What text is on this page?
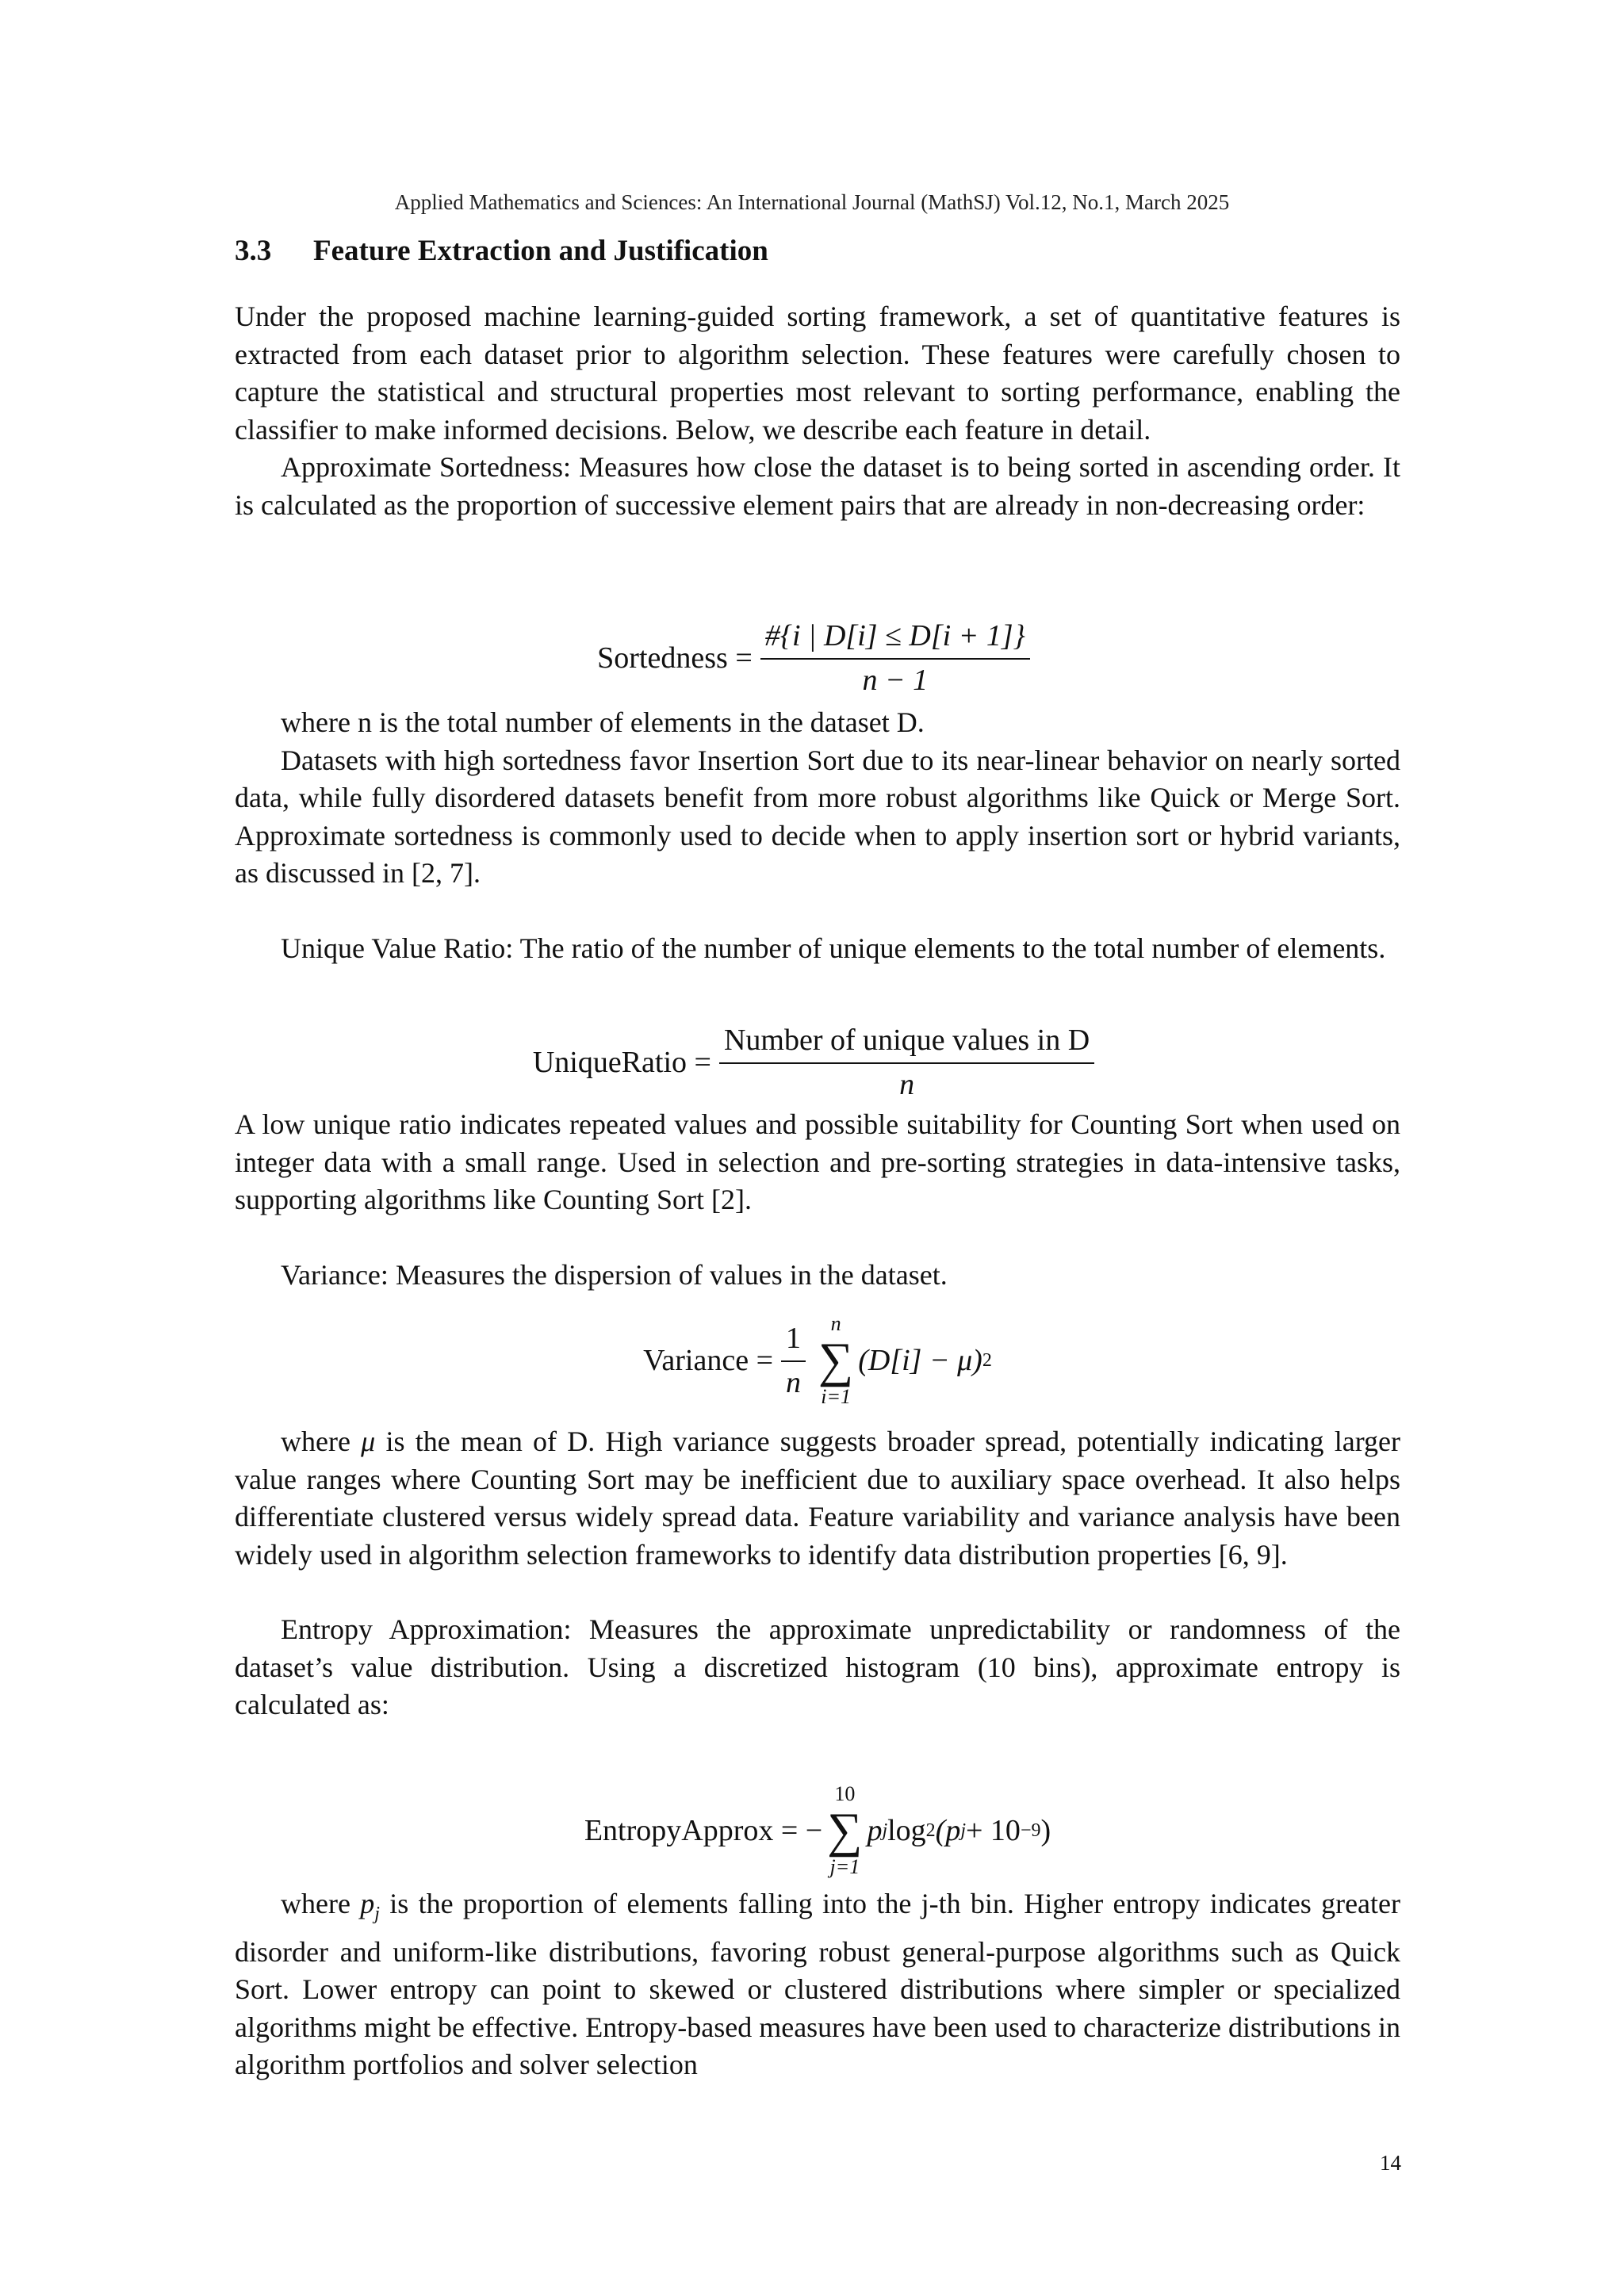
Applied Mathematics and Sciences: An International Journal (MathSJ) Vol.12, No.1, March 2025
3.3 Feature Extraction and Justification

Under the proposed machine learning-guided sorting framework, a set of quantitative features is extracted from each dataset prior to algorithm selection. These features were carefully chosen to capture the statistical and structural properties most relevant to sorting performance, enabling the classifier to make informed decisions. Below, we describe each feature in detail.

Approximate Sortedness: Measures how close the dataset is to being sorted in ascending order. It is calculated as the proportion of successive element pairs that are already in non-decreasing order:

Sortedness = $\frac{\#\{i | D[i] \le D[i + 1]\}}{n - 1}$

where n is the total number of elements in the dataset D.

Datasets with high sortedness favor Insertion Sort due to its near-linear behavior on nearly sorted data, while fully disordered datasets benefit from more robust algorithms like Quick or Merge Sort. Approximate sortedness is commonly used to decide when to apply insertion sort or hybrid variants, as discussed in [2, 7].

Unique Value Ratio: The ratio of the number of unique elements to the total number of elements.

UniqueRatio = $\frac{\text{Number of unique values in D}}{n}$

A low unique ratio indicates repeated values and possible suitability for Counting Sort when used on integer data with a small range. Used in selection and pre-sorting strategies in data-intensive tasks, supporting algorithms like Counting Sort [2].

Variance: Measures the dispersion of values in the dataset.

Variance = $\frac{1}{n}$ n
∑
i=1
(D[i] − μ) 2

where μ is the mean of D. High variance suggests broader spread, potentially indicating larger value ranges where Counting Sort may be inefficient due to auxiliary space overhead. It also helps differentiate clustered versus widely spread data. Feature variability and variance analysis have been widely used in algorithm selection frameworks to identify data distribution properties [6, 9].

Entropy Approximation: Measures the approximate unpredictability or randomness of the dataset’s value distribution. Using a discretized histogram (10 bins), approximate entropy is calculated as:

EntropyApprox = −
10
∑
j=1
p j log 2 (p j + 10 −9 )

where $p_j$ is the proportion of elements falling into the j-th bin. Higher entropy indicates greater disorder and uniform-like distributions, favoring robust general-purpose algorithms such as Quick Sort. Lower entropy can point to skewed or clustered distributions where simpler or specialized algorithms might be effective. Entropy-based measures have been used to characterize distributions in algorithm portfolios and solver selection

14
